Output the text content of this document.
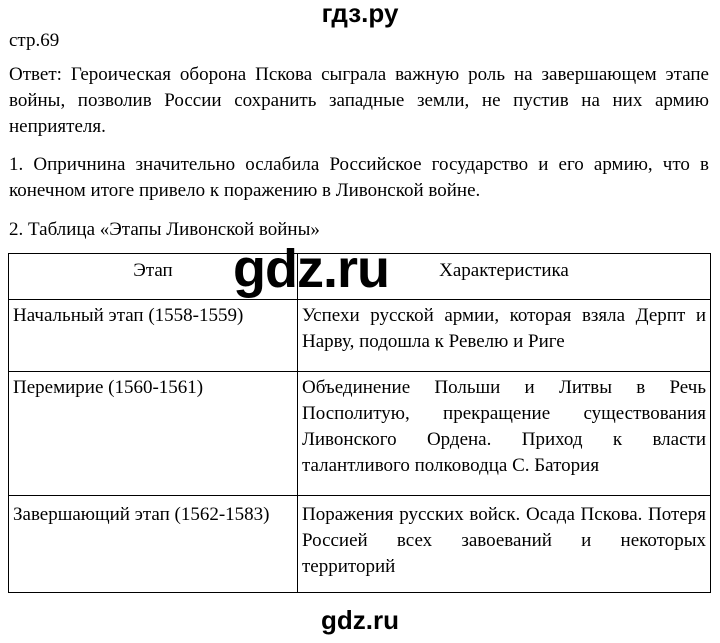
гдз.ру
стр.69

Ответ: Героическая оборона Пскова сыграла важную роль на завершающем этапе войны, позволив России сохранить западные земли, не пустив на них армию неприятеля.

1. Опричнина значительно ослабила Российское государство и его армию, что в конечном итоге привело к поражению в Ливонской войне.

2. Таблица «Этапы Ливонской войны»

Этап	Характеристика
Начальный этап (1558-1559)	Успехи русской армии, которая взяла Дерпт и Нарву, подошла к Ревелю и Риге
Перемирие (1560-1561)	Объединение Польши и Литвы в Речь Посполитую, прекращение существования Ливонского Ордена. Приход к власти талантливого полководца С. Батория
Завершающий этап (1562-1583)	Поражения русских войск. Осада Пскова. Потеря Россией всех завоеваний и некоторых территорий
gdz.ru
gdz.ru
